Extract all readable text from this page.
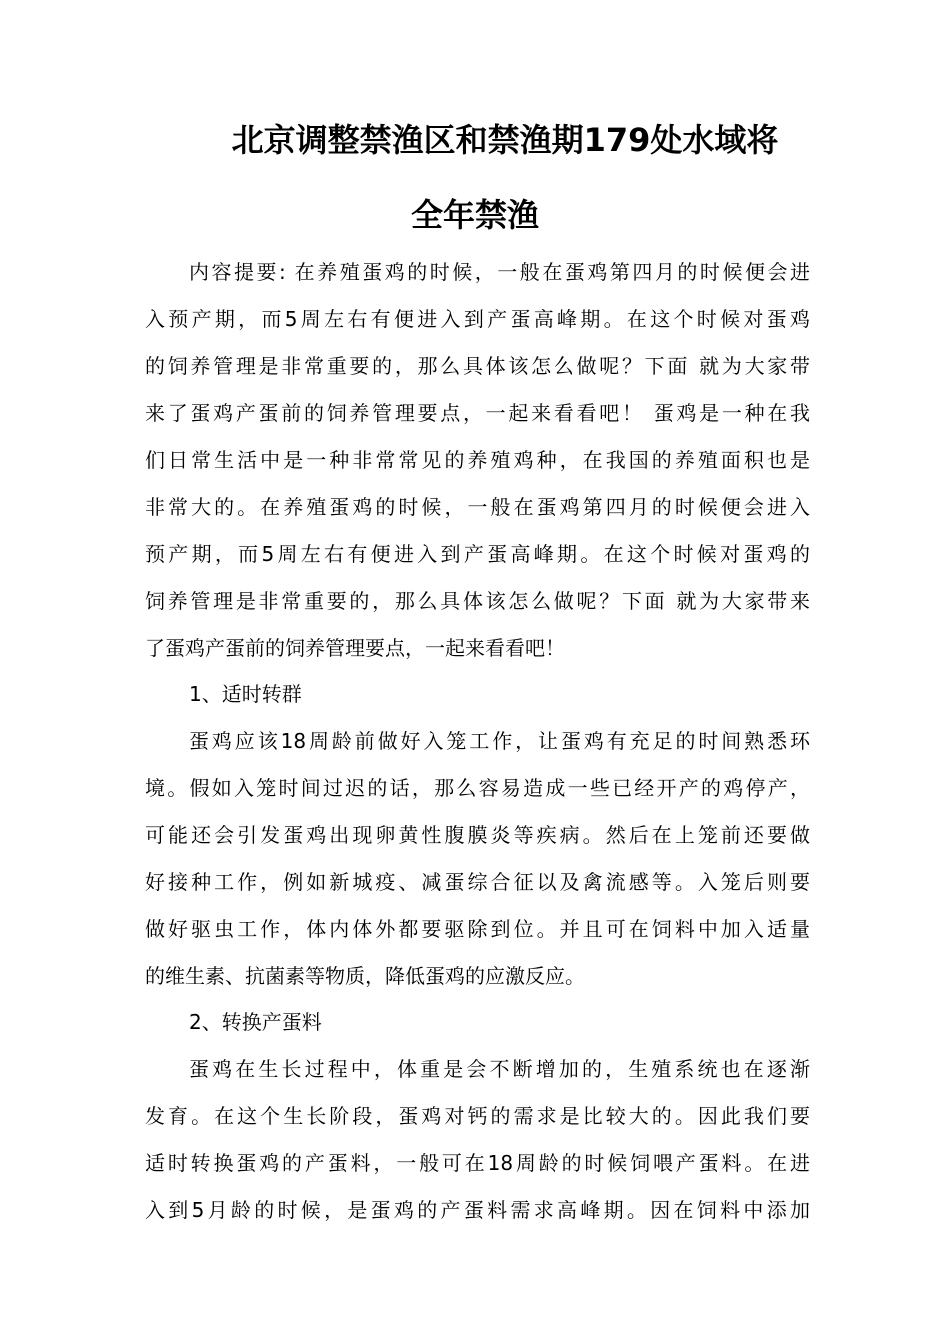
北京调整禁渔区和禁渔期179处水域将
全年禁渔
内容提要: 在养殖蛋鸡的时候，一般在蛋鸡第四月的时候便会进
入预产期，而5周左右有便进入到产蛋高峰期。在这个时候对蛋鸡
的饲养管理是非常重要的，那么具体该怎么做呢？下面 就为大家带
来了蛋鸡产蛋前的饲养管理要点，一起来看看吧！ 蛋鸡是一种在我
们日常生活中是一种非常常见的养殖鸡种，在我国的养殖面积也是
非常大的。在养殖蛋鸡的时候，一般在蛋鸡第四月的时候便会进入
预产期，而5周左右有便进入到产蛋高峰期。在这个时候对蛋鸡的
饲养管理是非常重要的，那么具体该怎么做呢？下面 就为大家带来
了蛋鸡产蛋前的饲养管理要点，一起来看看吧！
1、适时转群
蛋鸡应该18周龄前做好入笼工作，让蛋鸡有充足的时间熟悉环
境。假如入笼时间过迟的话，那么容易造成一些已经开产的鸡停产，
可能还会引发蛋鸡出现卵黄性腹膜炎等疾病。然后在上笼前还要做
好接种工作，例如新城疫、减蛋综合征以及禽流感等。入笼后则要
做好驱虫工作，体内体外都要驱除到位。并且可在饲料中加入适量
的维生素、抗菌素等物质，降低蛋鸡的应激反应。
2、转换产蛋料
蛋鸡在生长过程中，体重是会不断增加的，生殖系统也在逐渐
发育。在这个生长阶段，蛋鸡对钙的需求是比较大的。因此我们要
适时转换蛋鸡的产蛋料，一般可在18周龄的时候饲喂产蛋料。在进
入到5月龄的时候，是蛋鸡的产蛋料需求高峰期。因在饲料中添加
